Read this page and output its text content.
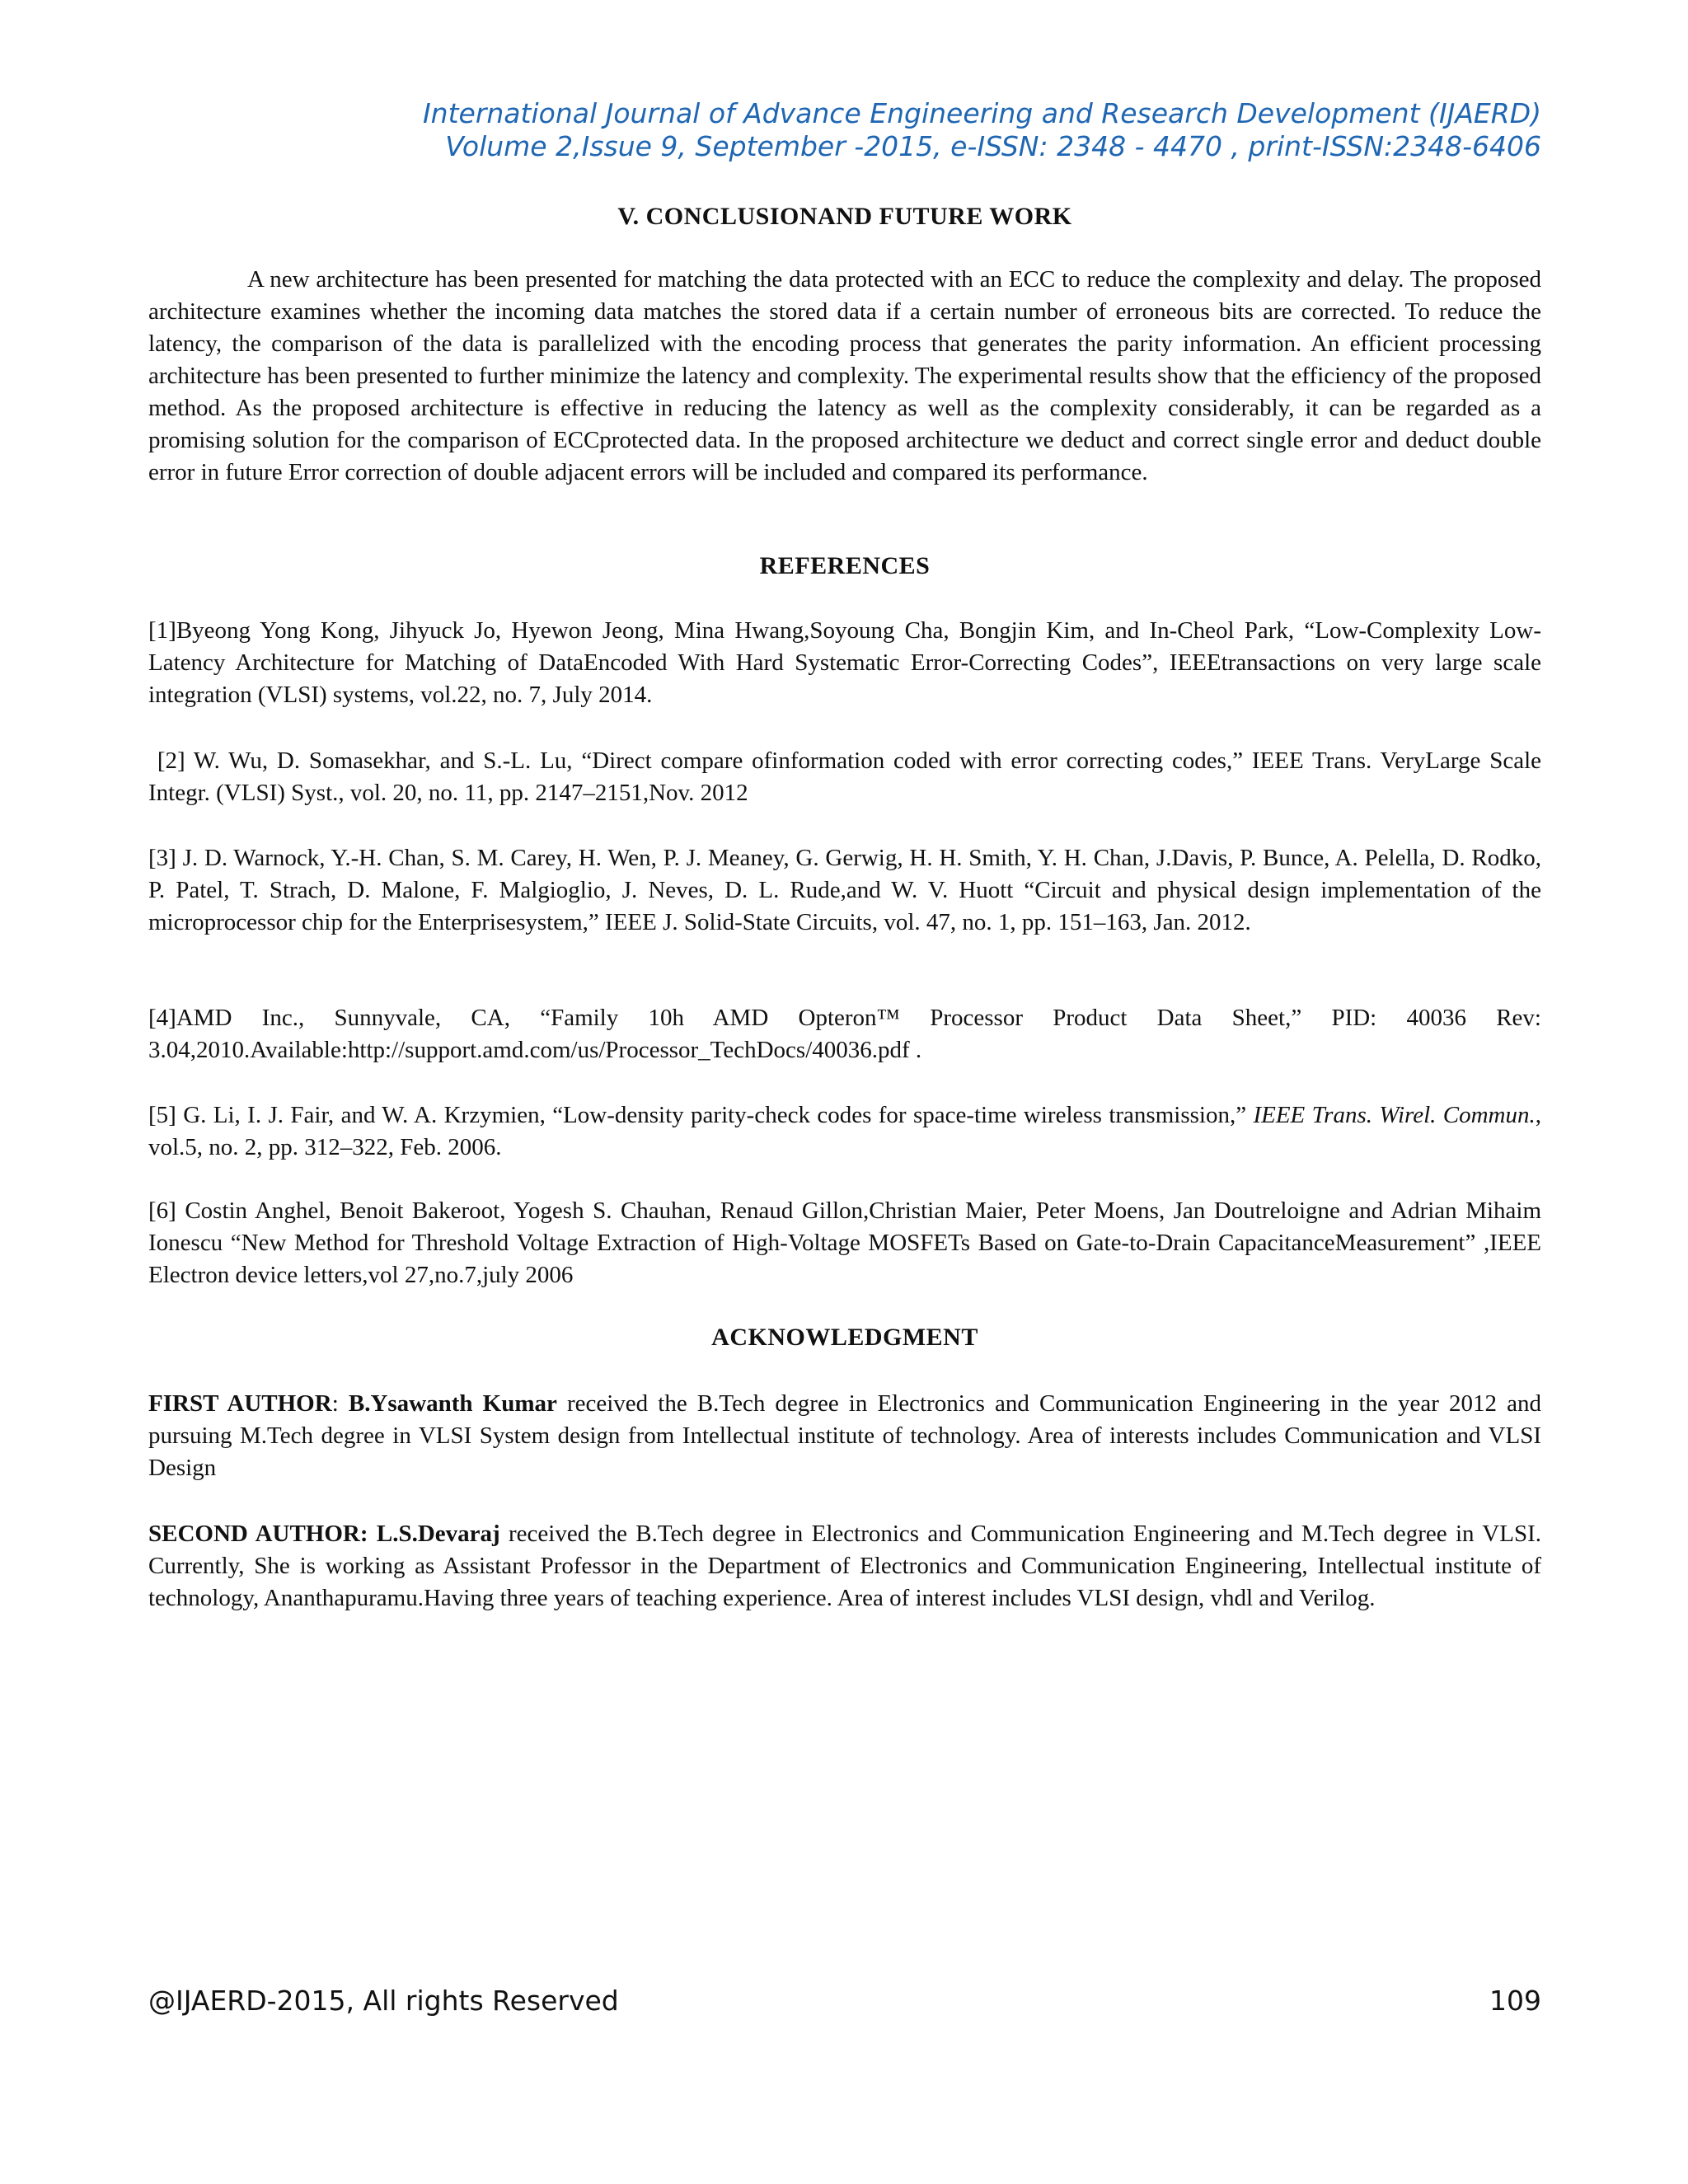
International Journal of Advance Engineering and Research Development (IJAERD)
Volume 2,Issue 9, September -2015, e-ISSN: 2348 - 4470 , print-ISSN:2348-6406
V. CONCLUSIONAND FUTURE WORK
A new architecture has been presented for matching the data protected with an ECC to reduce the complexity and delay. The proposed architecture examines whether the incoming data matches the stored data if a certain number of erroneous bits are corrected. To reduce the latency, the comparison of the data is parallelized with the encoding process that generates the parity information. An efficient processing architecture has been presented to further minimize the latency and complexity. The experimental results show that the efficiency of the proposed method. As the proposed architecture is effective in reducing the latency as well as the complexity considerably, it can be regarded as a promising solution for the comparison of ECCprotected data. In the proposed architecture we deduct and correct single error and deduct double error in future Error correction of double adjacent errors will be included and compared its performance.
REFERENCES
[1]Byeong Yong Kong, Jihyuck Jo, Hyewon Jeong, Mina Hwang,Soyoung Cha, Bongjin Kim, and In-Cheol Park, “Low-Complexity Low-Latency Architecture for Matching of DataEncoded With Hard Systematic Error-Correcting Codes”, IEEEtransactions on very large scale integration (VLSI) systems, vol.22, no. 7, July 2014.
[2] W. Wu, D. Somasekhar, and S.-L. Lu, “Direct compare ofinformation coded with error correcting codes,” IEEE Trans. VeryLarge Scale Integr. (VLSI) Syst., vol. 20, no. 11, pp. 2147–2151,Nov. 2012
[3] J. D. Warnock, Y.-H. Chan, S. M. Carey, H. Wen, P. J. Meaney, G. Gerwig, H. H. Smith, Y. H. Chan, J.Davis, P. Bunce, A. Pelella, D. Rodko, P. Patel, T. Strach, D. Malone, F. Malgioglio, J. Neves, D. L. Rude,and W. V. Huott “Circuit and physical design implementation of the microprocessor chip for the Enterprisesystem,” IEEE J. Solid-State Circuits, vol. 47, no. 1, pp. 151–163, Jan. 2012.
[4]AMD Inc., Sunnyvale, CA, “Family 10h AMD Opteron™ Processor Product Data Sheet,” PID: 40036 Rev: 3.04,2010.Available:http://support.amd.com/us/Processor_TechDocs/40036.pdf .
[5] G. Li, I. J. Fair, and W. A. Krzymien, “Low-density parity-check codes for space-time wireless transmission,” IEEE Trans. Wirel. Commun., vol.5, no. 2, pp. 312–322, Feb. 2006.
[6] Costin Anghel, Benoit Bakeroot, Yogesh S. Chauhan, Renaud Gillon,Christian Maier, Peter Moens, Jan Doutreloigne and Adrian Mihaim Ionescu “New Method for Threshold Voltage Extraction of High-Voltage MOSFETs Based on Gate-to-Drain CapacitanceMeasurement” ,IEEE Electron device letters,vol 27,no.7,july 2006
ACKNOWLEDGMENT
FIRST AUTHOR: B.Ysawanth Kumar received the B.Tech degree in Electronics and Communication Engineering in the year 2012 and pursuing M.Tech degree in VLSI System design from Intellectual institute of technology. Area of interests includes Communication and VLSI Design
SECOND AUTHOR: L.S.Devaraj received the B.Tech degree in Electronics and Communication Engineering and M.Tech degree in VLSI. Currently, She is working as Assistant Professor in the Department of Electronics and Communication Engineering, Intellectual institute of technology, Ananthapuramu.Having three years of teaching experience. Area of interest includes VLSI design, vhdl and Verilog.
@IJAERD-2015, All rights Reserved	109
